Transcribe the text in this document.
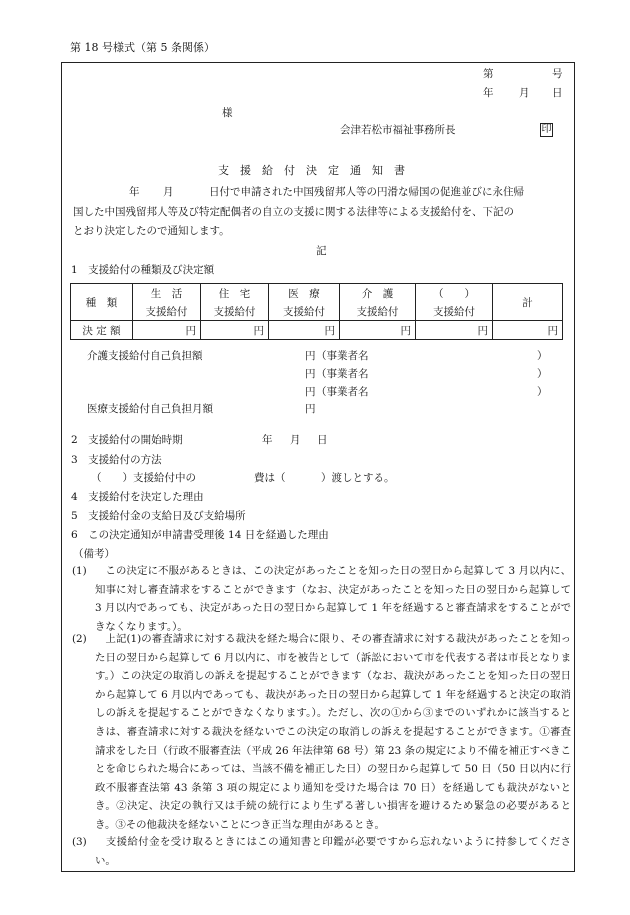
第 18 号様式（第 5 条関係）
第	号
年 月 日
様
会津若松市福祉事務所長	印
支　援　給　付　決　定　通　知　書
年 月	日付で申請された中国残留邦人等の円滑な帰国の促進並びに永住帰
国した中国残留邦人等及び特定配偶者の自立の支援に関する法律等による支援給付を、下記の
とおり決定したので通知します。
記
1　支援給付の種類及び決定額
種　類	生　活	住　宅	医　療	介　護	（　　）	計
	支援給付	支援給付	支援給付	支援給付	支援給付	
決 定 額	円	円	円	円	円	円
介護支援給付自己負担額	円 （事業者名	）
円 （事業者名	）
円 （事業者名	）
医療支援給付自己負担月額	円
2　支援給付の開始時期	年 月 日
3　支援給付の方法
（　　）支援給付中の	費は（	）渡しとする。
4　支援給付を決定した理由
5　支援給付金の支給日及び支給場所
6　この決定通知が申請書受理後 14 日を経過した理由
（備考）
(1) 　この決定に不服があるときは、この決定があったことを知った日の翌日から起算して 3 月以内に、知事に対し審査請求をすることができます（なお、決定があったことを知った日の翌日から起算して 3 月以内であっても、決定があった日の翌日から起算して 1 年を経過すると審査請求をすることができなくなります。）。
(2) 　上記(1)の審査請求に対する裁決を経た場合に限り、その審査請求に対する裁決があったことを知った日の翌日から起算して 6 月以内に、市を被告として（訴訟において市を代表する者は市長となります。）この決定の取消しの訴えを提起することができます（なお、裁決があったことを知った日の翌日から起算して 6 月以内であっても、裁決があった日の翌日から起算して 1 年を経過すると決定の取消しの訴えを提起することができなくなります。）。ただし、次の①から③までのいずれかに該当するときは、審査請求に対する裁決を経ないでこの決定の取消しの訴えを提起することができます。①審査請求をした日（行政不服審査法（平成 26 年法律第 68 号）第 23 条の規定により不備を補正すべきことを命じられた場合にあっては、当該不備を補正した日）の翌日から起算して 50 日（50 日以内に行政不服審査法第 43 条第 3 項の規定により通知を受けた場合は 70 日）を経過しても裁決がないとき。②決定、決定の執行又は手続の続行により生ずる著しい損害を避けるため緊急の必要があるとき。③その他裁決を経ないことにつき正当な理由があるとき。
(3) 　支援給付金を受け取るときにはこの通知書と印鑑が必要ですから忘れないように持参してください。
